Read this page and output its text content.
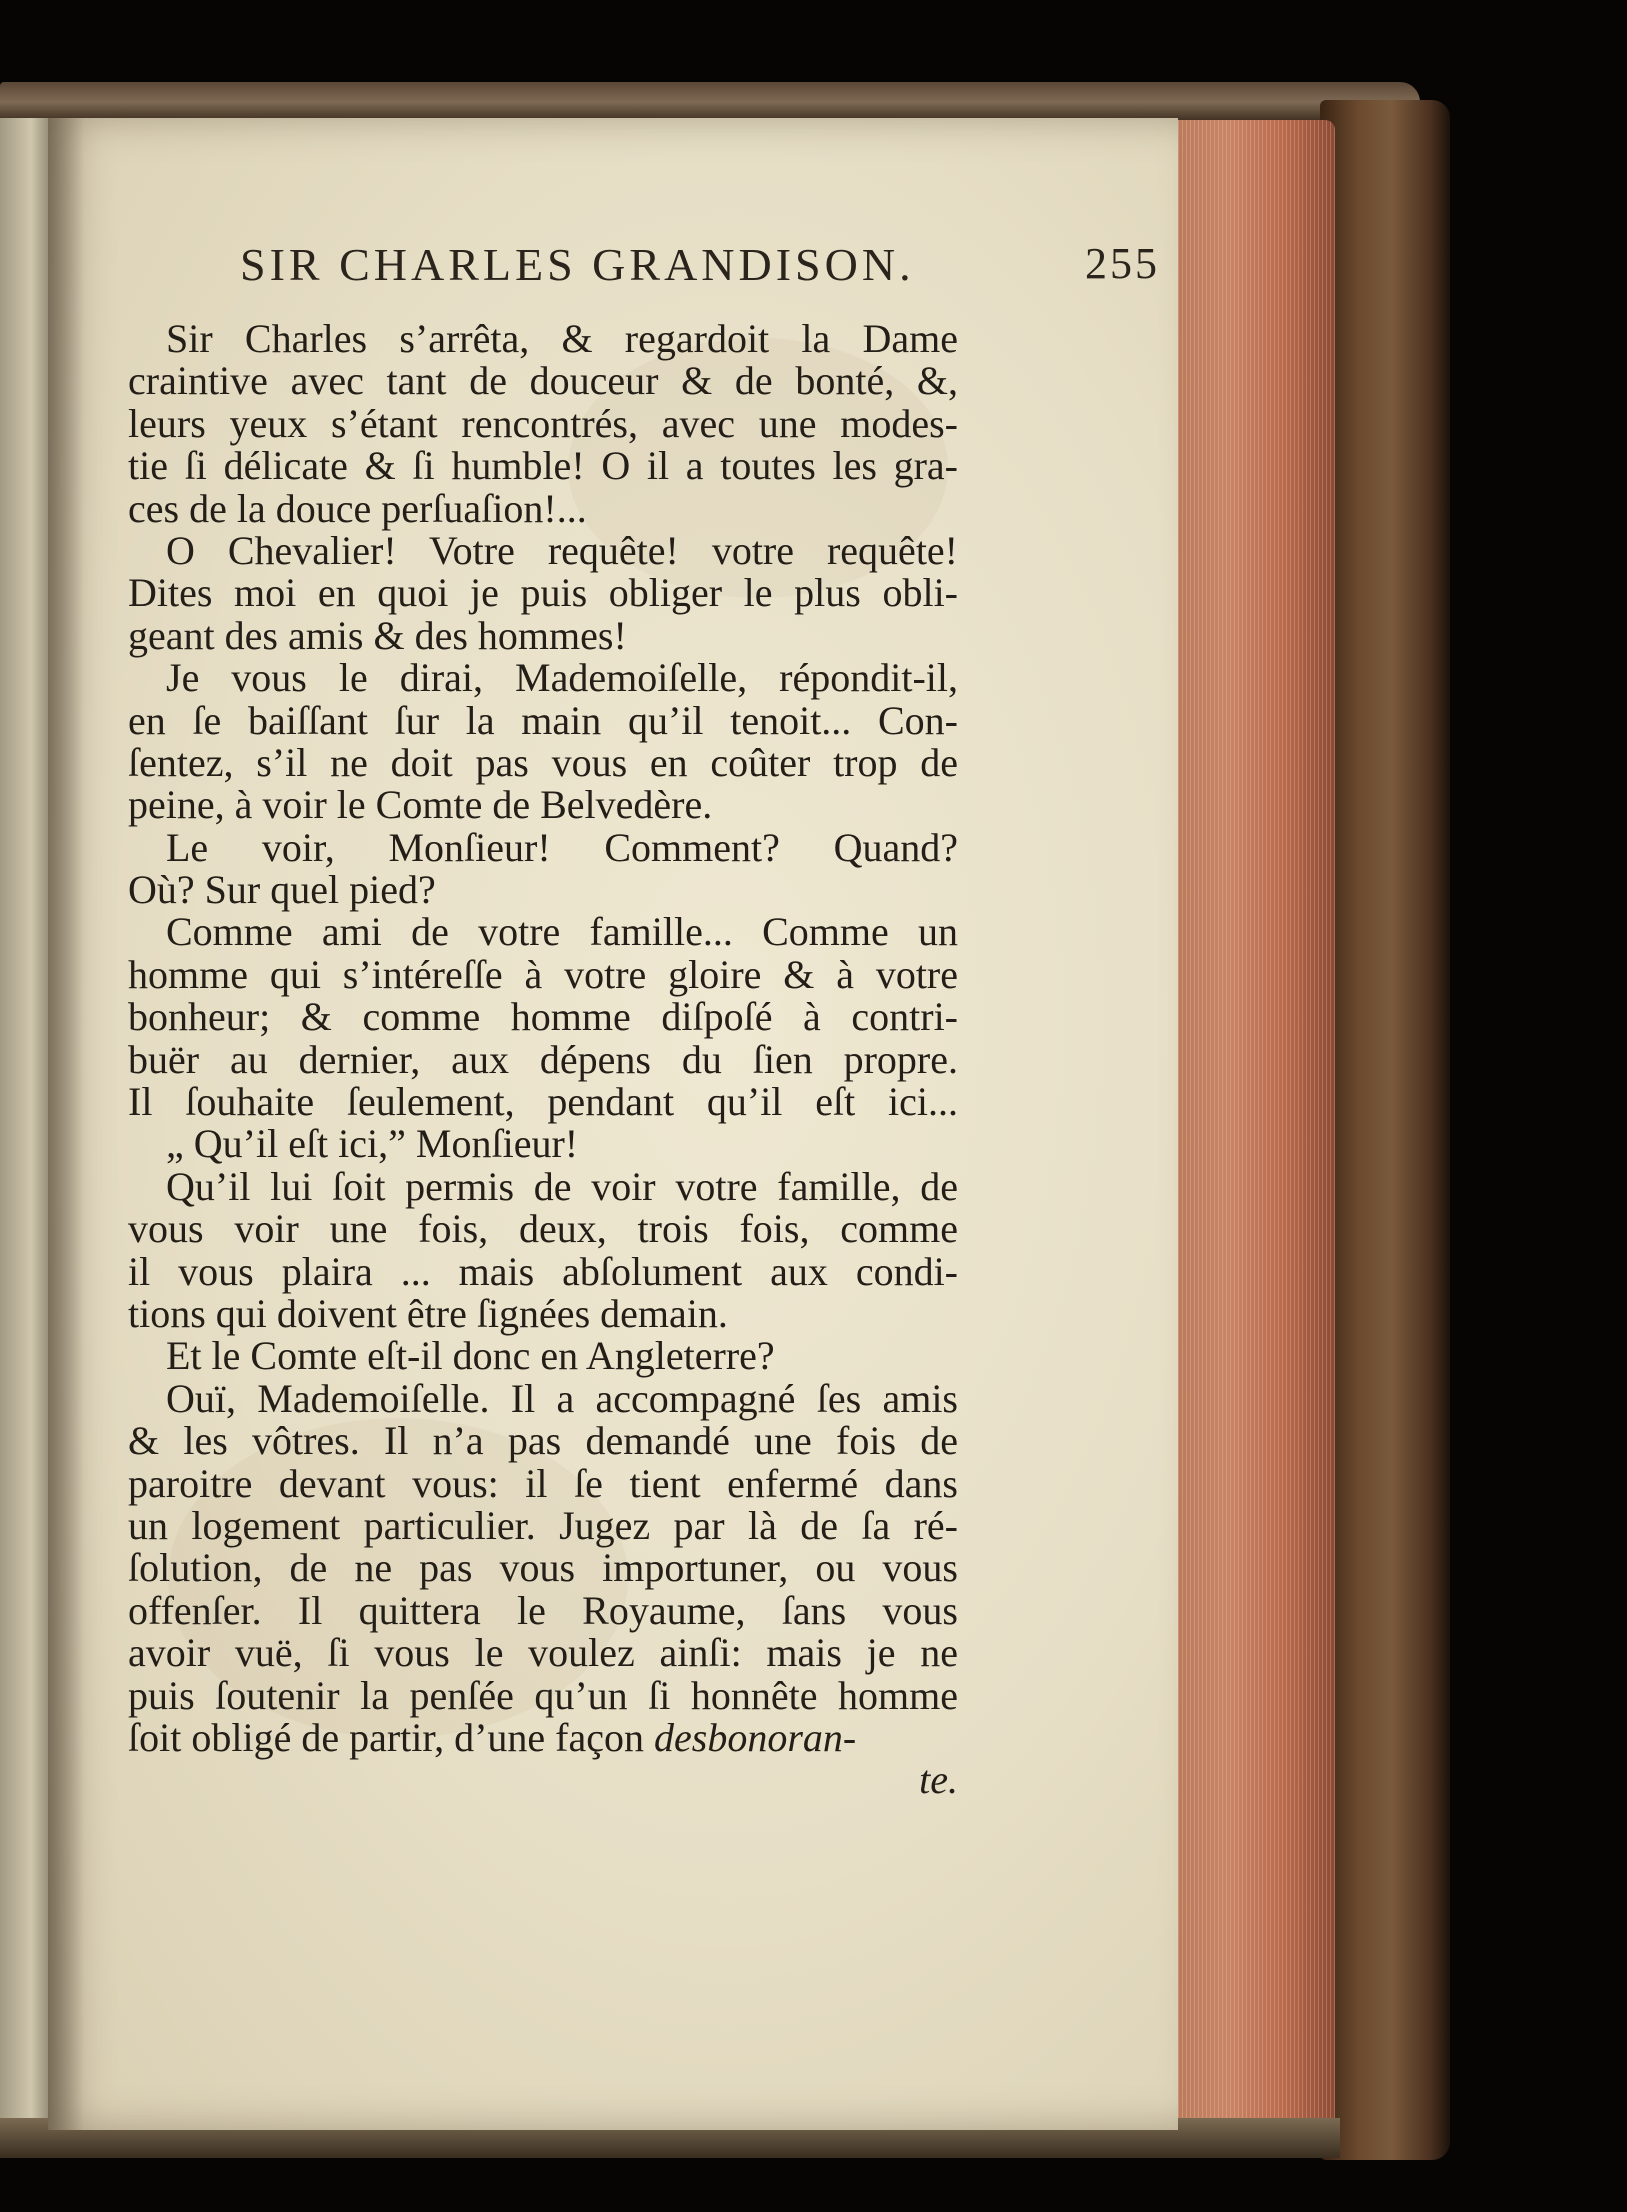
SIR CHARLES GRANDISON.	255
Sir Charles s’arrêta, & regardoit la Dame
craintive avec tant de douceur & de bonté, &,
leurs yeux s’étant rencontrés, avec une modes-
tie ſi délicate & ſi humble! O il a toutes les gra-
ces de la douce perſuaſion!...
O Chevalier! Votre requête! votre requête!
Dites moi en quoi je puis obliger le plus obli-
geant des amis & des hommes!
Je vous le dirai, Mademoiſelle, répondit-il,
en ſe baiſſant ſur la main qu’il tenoit... Con-
ſentez, s’il ne doit pas vous en coûter trop de
peine, à voir le Comte de Belvedère.
Le voir, Monſieur! Comment? Quand?
Où? Sur quel pied?
Comme ami de votre famille... Comme un
homme qui s’intéreſſe à votre gloire & à votre
bonheur; & comme homme diſpoſé à contri-
buër au dernier, aux dépens du ſien propre.
Il ſouhaite ſeulement, pendant qu’il eſt ici...
„ Qu’il eſt ici,” Monſieur!
Qu’il lui ſoit permis de voir votre famille, de
vous voir une fois, deux, trois fois, comme
il vous plaira ... mais abſolument aux condi-
tions qui doivent être ſignées demain.
Et le Comte eſt-il donc en Angleterre?
Ouï, Mademoiſelle. Il a accompagné ſes amis
& les vôtres. Il n’a pas demandé une fois de
paroitre devant vous: il ſe tient enfermé dans
un logement particulier. Jugez par là de ſa ré-
ſolution, de ne pas vous importuner, ou vous
offenſer. Il quittera le Royaume, ſans vous
avoir vuë, ſi vous le voulez ainſi: mais je ne
puis ſoutenir la penſée qu’un ſi honnête homme
ſoit obligé de partir, d’une façon desbonoran-
te.
